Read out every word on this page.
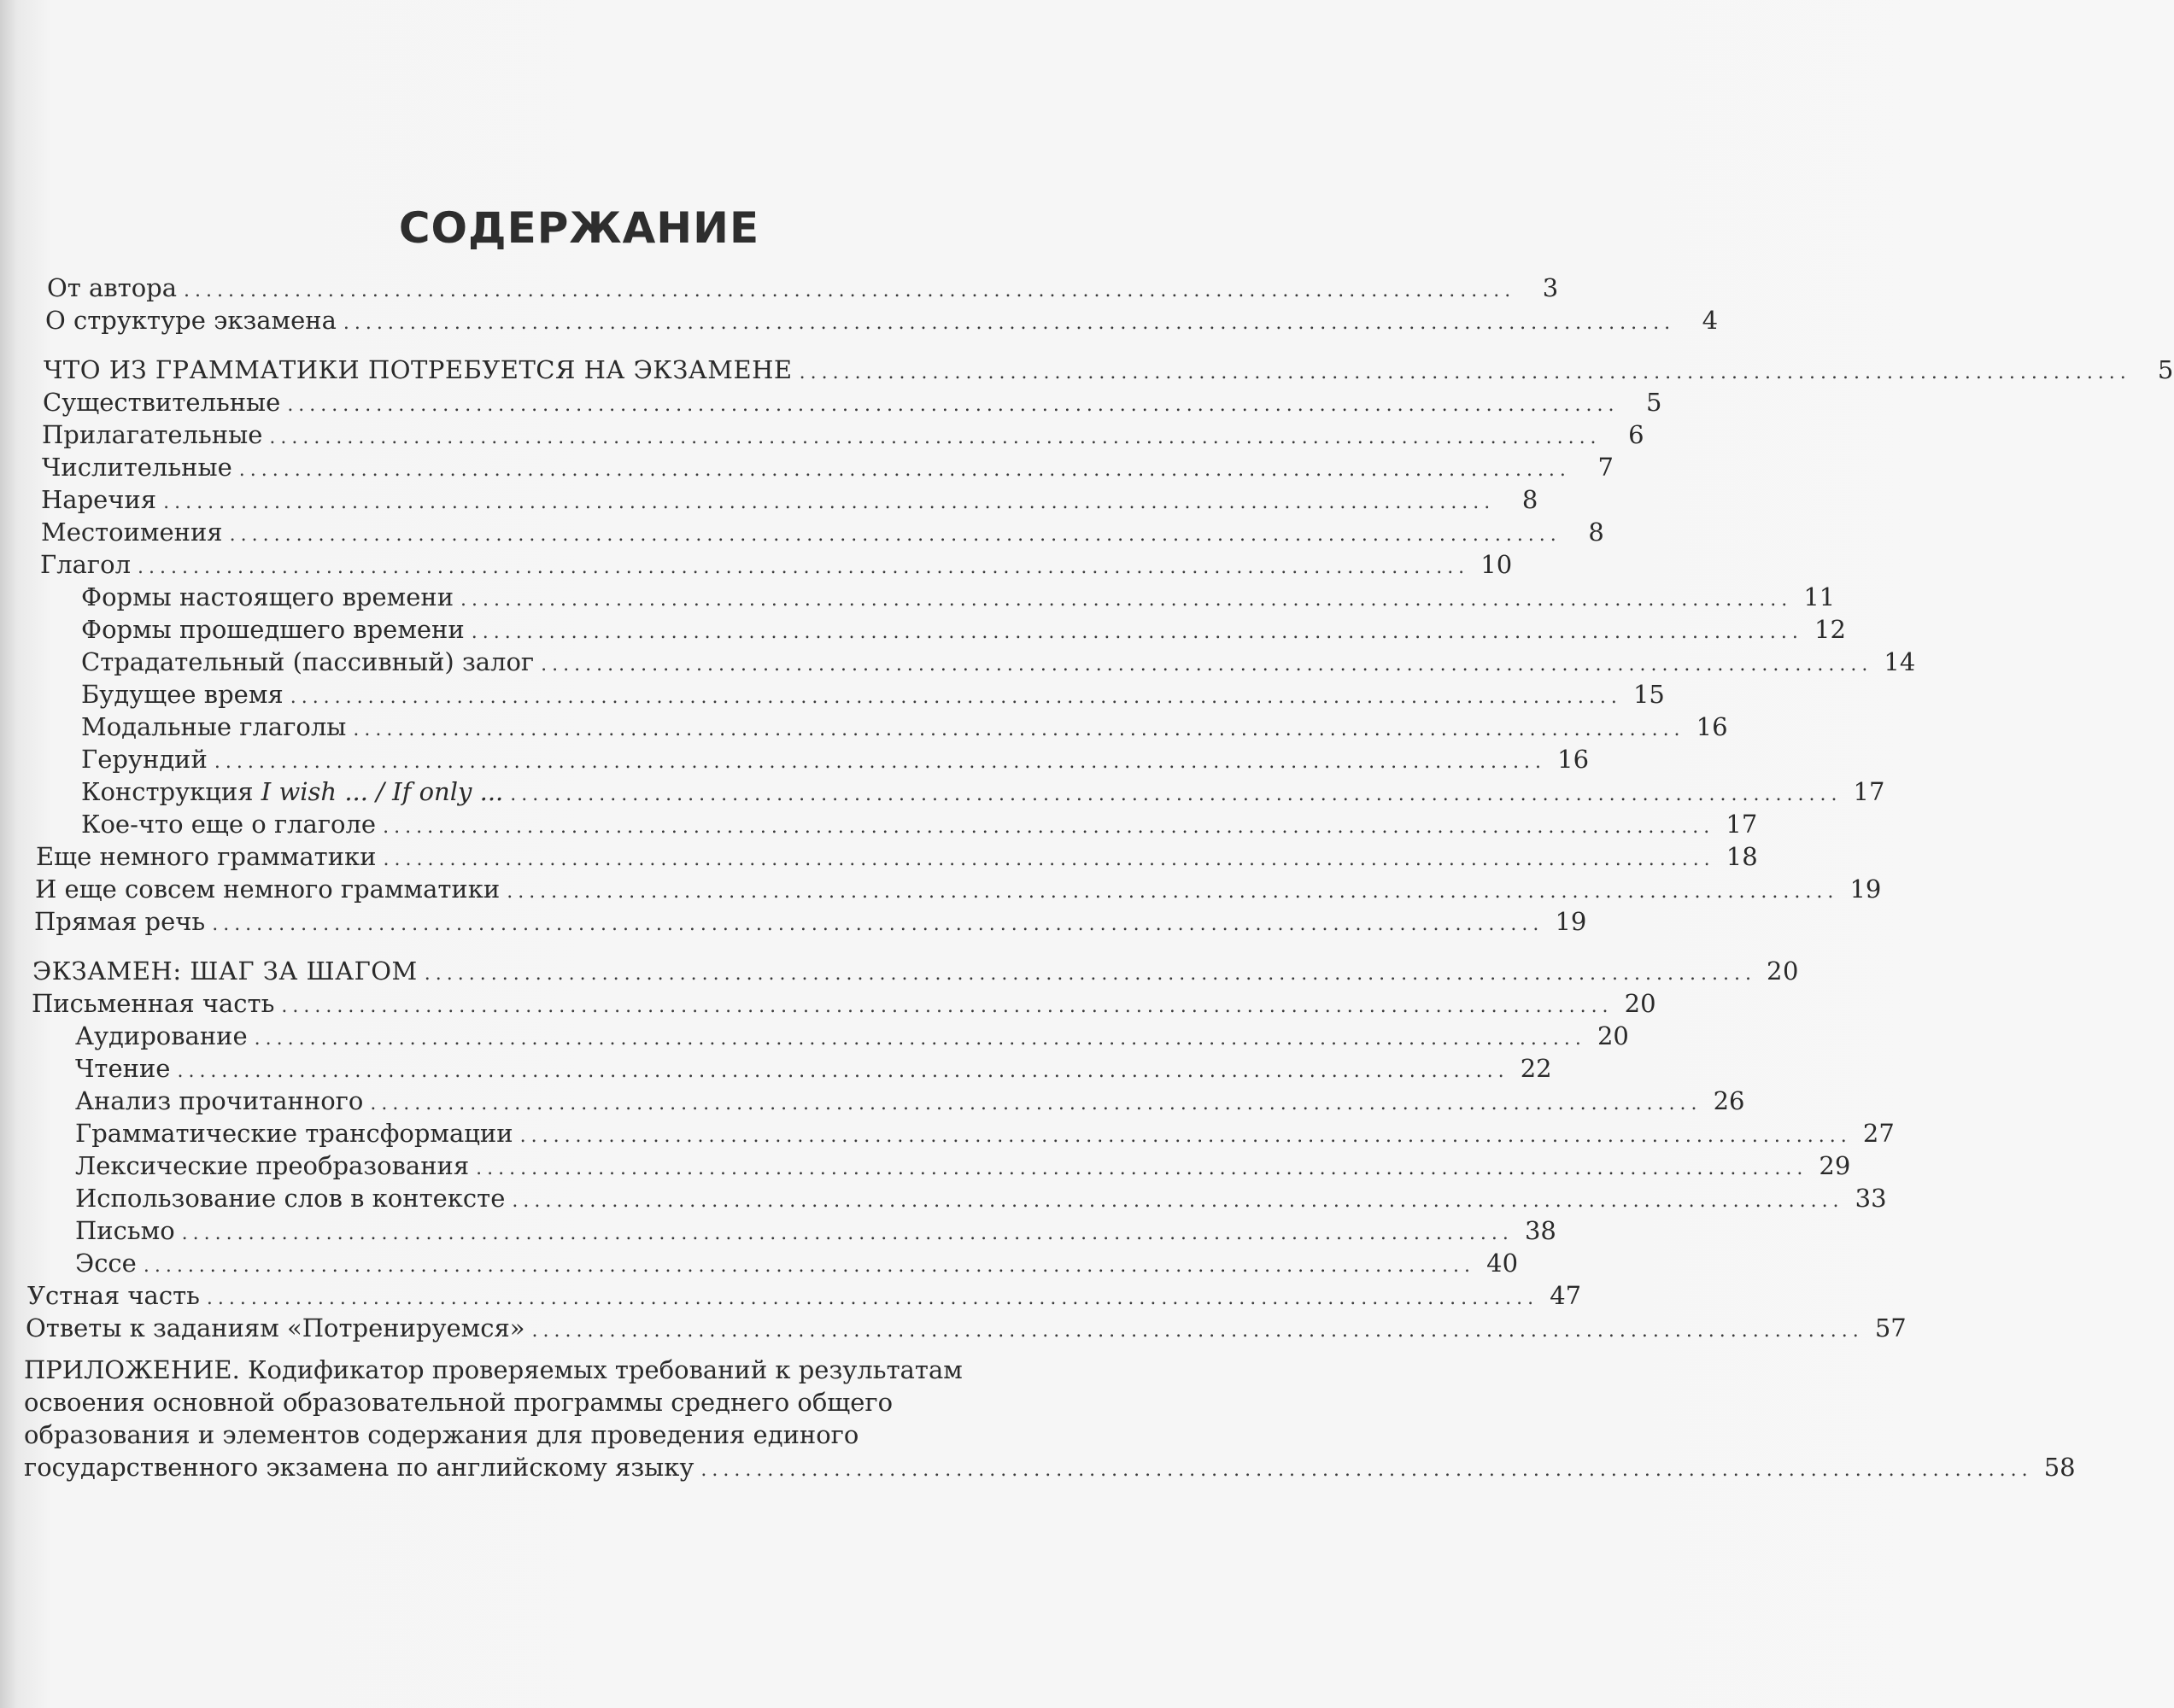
СОДЕРЖАНИЕ
От автора ........................................................................................................................	3
О структуре экзамена ........................................................................................................................	4
ЧТО ИЗ ГРАММАТИКИ ПОТРЕБУЕТСЯ НА ЭКЗАМЕНЕ ........................................................................................................................	5
Существительные ........................................................................................................................	5
Прилагательные ........................................................................................................................	6
Числительные ........................................................................................................................	7
Наречия ........................................................................................................................	8
Местоимения ........................................................................................................................	8
Глагол ........................................................................................................................ 10
Формы настоящего времени ........................................................................................................................ 11
Формы прошедшего времени ........................................................................................................................ 12
Страдательный (пассивный) залог ........................................................................................................................ 14
Будущее время ........................................................................................................................ 15
Модальные глаголы ........................................................................................................................ 16
Герундий ........................................................................................................................ 16
Конструкция I wish ... / If only ... ........................................................................................................................ 17
Кое-что еще о глаголе ........................................................................................................................ 17
Еще немного грамматики ........................................................................................................................ 18
И еще совсем немного грамматики ........................................................................................................................ 19
Прямая речь ........................................................................................................................ 19
ЭКЗАМЕН: ШАГ ЗА ШАГОМ ........................................................................................................................ 20
Письменная часть ........................................................................................................................ 20
Аудирование ........................................................................................................................ 20
Чтение ........................................................................................................................ 22
Анализ прочитанного ........................................................................................................................ 26
Грамматические трансформации ........................................................................................................................ 27
Лексические преобразования ........................................................................................................................ 29
Использование слов в контексте ........................................................................................................................ 33
Письмо ........................................................................................................................ 38
Эссе ........................................................................................................................ 40
Устная часть ........................................................................................................................ 47
Ответы к заданиям «Потренируемся» ........................................................................................................................ 57
ПРИЛОЖЕНИЕ. Кодификатор проверяемых требований к результатам
освоения основной образовательной программы среднего общего
образования и элементов содержания для проведения единого
государственного экзамена по английскому языку ........................................................................................................................ 58
